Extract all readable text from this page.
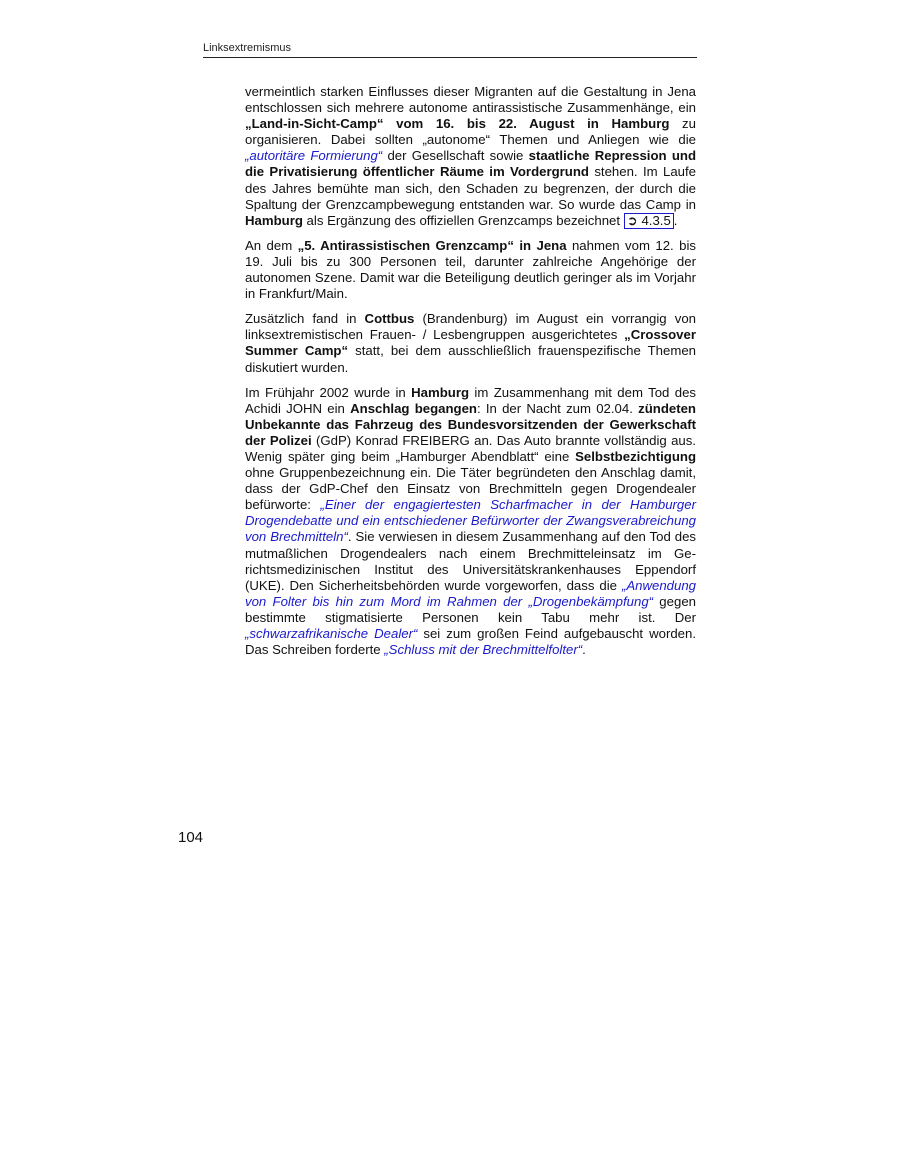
Linksextremismus

vermeintlich starken Einflusses dieser Migranten auf die Gestaltung in Jena entschlossen sich mehrere autonome antirassistische Zusammenhänge, ein „Land-in-Sicht-Camp“ vom 16. bis 22. August in Hamburg zu organisieren. Dabei sollten „autonome“ Themen und Anliegen wie die „autoritäre Formierung“ der Gesellschaft sowie staatliche Repression und die Privatisierung öffentlicher Räume im Vordergrund stehen. Im Laufe des Jahres bemühte man sich, den Schaden zu begrenzen, der durch die Spaltung der Grenzcampbewegung entstanden war. So wurde das Camp in Hamburg als Ergänzung des offiziellen Grenzcamps bezeichnet ➲ 4.3.5 .

An dem „5. Antirassistischen Grenzcamp“ in Jena nahmen vom 12. bis 19. Juli bis zu 300 Personen teil, darunter zahlreiche Angehörige der autonomen Szene. Damit war die Beteiligung deutlich geringer als im Vorjahr in Frankfurt/Main.

Zusätzlich fand in Cottbus (Brandenburg) im August ein vorrangig von linksextremistischen Frauen- / Lesbengruppen ausgerichtetes „Crossover Summer Camp“ statt, bei dem ausschließlich frauenspezifische Themen diskutiert wurden.

Im Frühjahr 2002 wurde in Hamburg im Zusammenhang mit dem Tod des Achidi JOHN ein Anschlag begangen: In der Nacht zum 02.04. zündeten Unbekannte das Fahrzeug des Bundesvorsitzenden der Gewerkschaft der Polizei (GdP) Konrad FREIBERG an. Das Auto brannte vollständig aus. Wenig später ging beim „Hamburger Abendblatt“ eine Selbstbezichtigung ohne Gruppenbezeichnung ein. Die Täter begründeten den Anschlag damit, dass der GdP-Chef den Einsatz von Brechmitteln gegen Drogendealer befürworte: „Einer der engagiertesten Scharfmacher in der Hamburger Drogendebatte und ein entschiedener Befürworter der Zwangsverabreichung von Brechmitteln“. Sie verwiesen in diesem Zusammenhang auf den Tod des mutmaßlichen Drogendealers nach einem Brechmitteleinsatz im Gerichtsmedizinischen Institut des Universitätskrankenhauses Eppendorf (UKE). Den Sicherheitsbehörden wurde vorgeworfen, dass die „Anwendung von Folter bis hin zum Mord im Rahmen der „Drogenbekämpfung“ gegen bestimmte stigmatisierte Personen kein Tabu mehr ist. Der „schwarzafrikanische Dealer“ sei zum großen Feind aufgebauscht worden. Das Schreiben forderte „Schluss mit der Brechmittelfolter“.

104
